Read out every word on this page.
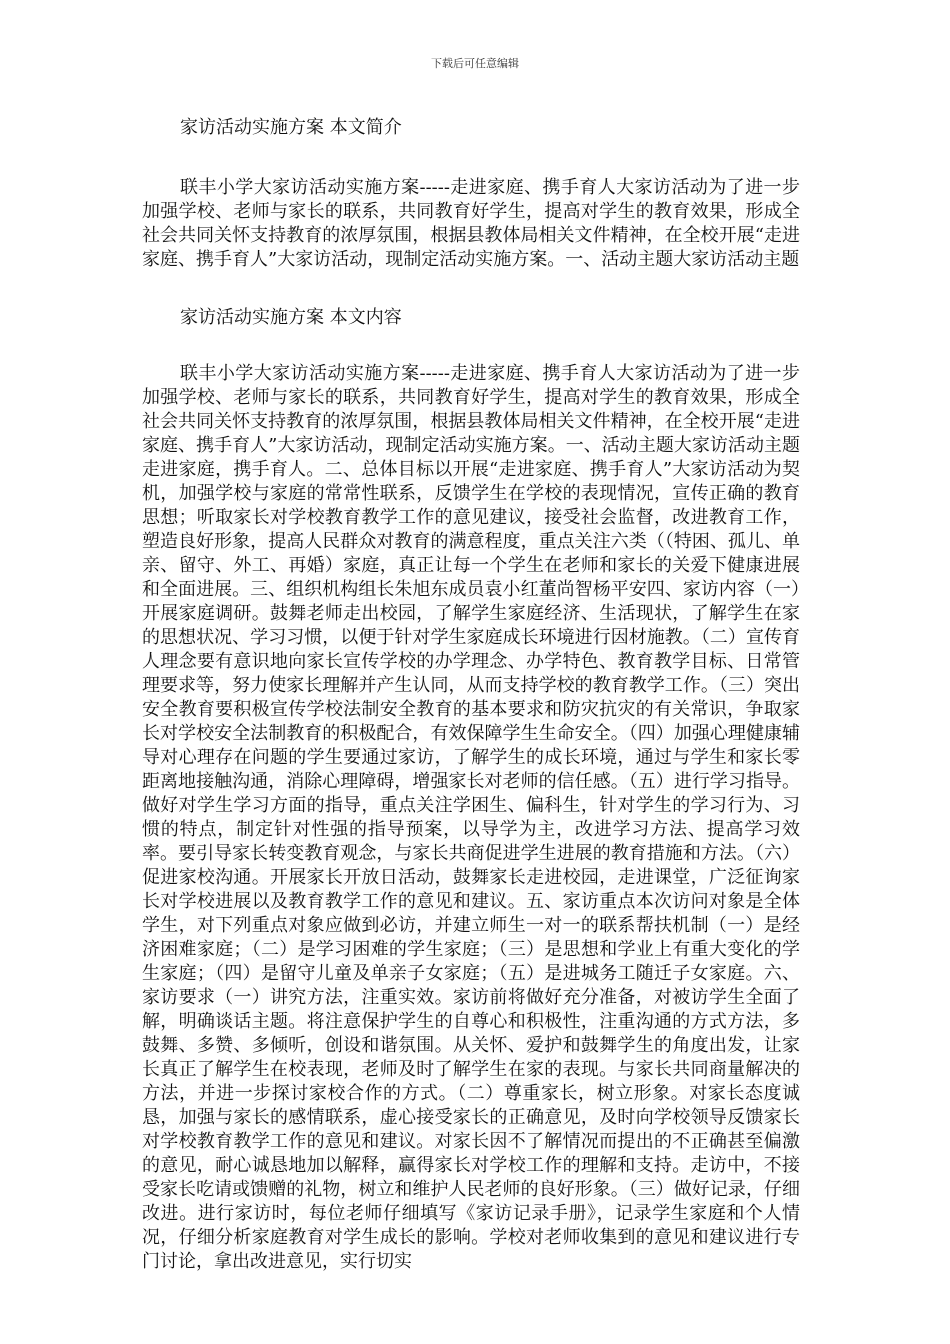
下载后可任意编辑

家访活动实施方案 本文简介

联丰小学大家访活动实施方案-----走进家庭、携手育人大家访活动为了进一步加强学校、老师与家长的联系，共同教育好学生，提高对学生的教育效果，形成全社会共同关怀支持教育的浓厚氛围，根据县教体局相关文件精神，在全校开展“走进家庭、携手育人”大家访活动，现制定活动实施方案。一、活动主题大家访活动主题

家访活动实施方案 本文内容

联丰小学大家访活动实施方案-----走进家庭、携手育人大家访活动为了进一步加强学校、老师与家长的联系，共同教育好学生，提高对学生的教育效果，形成全社会共同关怀支持教育的浓厚氛围，根据县教体局相关文件精神，在全校开展“走进家庭、携手育人”大家访活动，现制定活动实施方案。一、活动主题大家访活动主题走进家庭，携手育人。二、总体目标以开展“走进家庭、携手育人”大家访活动为契机，加强学校与家庭的常常性联系，反馈学生在学校的表现情况，宣传正确的教育思想；听取家长对学校教育教学工作的意见建议，接受社会监督，改进教育工作，塑造良好形象，提高人民群众对教育的满意程度，重点关注六类（（特困、孤儿、单亲、留守、外工、再婚）家庭，真正让每一个学生在老师和家长的关爱下健康进展和全面进展。三、组织机构组长朱旭东成员袁小红董尚智杨平安四、家访内容（一）开展家庭调研。鼓舞老师走出校园，了解学生家庭经济、生活现状，了解学生在家的思想状况、学习习惯，以便于针对学生家庭成长环境进行因材施教。（二）宣传育人理念要有意识地向家长宣传学校的办学理念、办学特色、教育教学目标、日常管理要求等，努力使家长理解并产生认同，从而支持学校的教育教学工作。（三）突出安全教育要积极宣传学校法制安全教育的基本要求和防灾抗灾的有关常识，争取家长对学校安全法制教育的积极配合，有效保障学生生命安全。（四）加强心理健康辅导对心理存在问题的学生要通过家访，了解学生的成长环境，通过与学生和家长零距离地接触沟通，消除心理障碍，增强家长对老师的信任感。（五）进行学习指导。做好对学生学习方面的指导，重点关注学困生、偏科生，针对学生的学习行为、习惯的特点，制定针对性强的指导预案，以导学为主，改进学习方法、提高学习效率。要引导家长转变教育观念，与家长共商促进学生进展的教育措施和方法。（六）促进家校沟通。开展家长开放日活动，鼓舞家长走进校园，走进课堂，广泛征询家长对学校进展以及教育教学工作的意见和建议。五、家访重点本次访问对象是全体学生，对下列重点对象应做到必访，并建立师生一对一的联系帮扶机制（一）是经济困难家庭；（二）是学习困难的学生家庭；（三）是思想和学业上有重大变化的学生家庭；（四）是留守儿童及单亲子女家庭；（五）是进城务工随迁子女家庭。六、家访要求（一）讲究方法，注重实效。家访前将做好充分准备，对被访学生全面了解，明确谈话主题。将注意保护学生的自尊心和积极性，注重沟通的方式方法，多鼓舞、多赞、多倾听，创设和谐氛围。从关怀、爱护和鼓舞学生的角度出发，让家长真正了解学生在校表现，老师及时了解学生在家的表现。与家长共同商量解决的方法，并进一步探讨家校合作的方式。（二）尊重家长，树立形象。对家长态度诚恳，加强与家长的感情联系，虚心接受家长的正确意见，及时向学校领导反馈家长对学校教育教学工作的意见和建议。对家长因不了解情况而提出的不正确甚至偏激的意见，耐心诚恳地加以解释，赢得家长对学校工作的理解和支持。走访中，不接受家长吃请或馈赠的礼物，树立和维护人民老师的良好形象。（三）做好记录，仔细改进。进行家访时，每位老师仔细填写《家访记录手册》，记录学生家庭和个人情况，仔细分析家庭教育对学生成长的影响。学校对老师收集到的意见和建议进行专门讨论，拿出改进意见，实行切实
